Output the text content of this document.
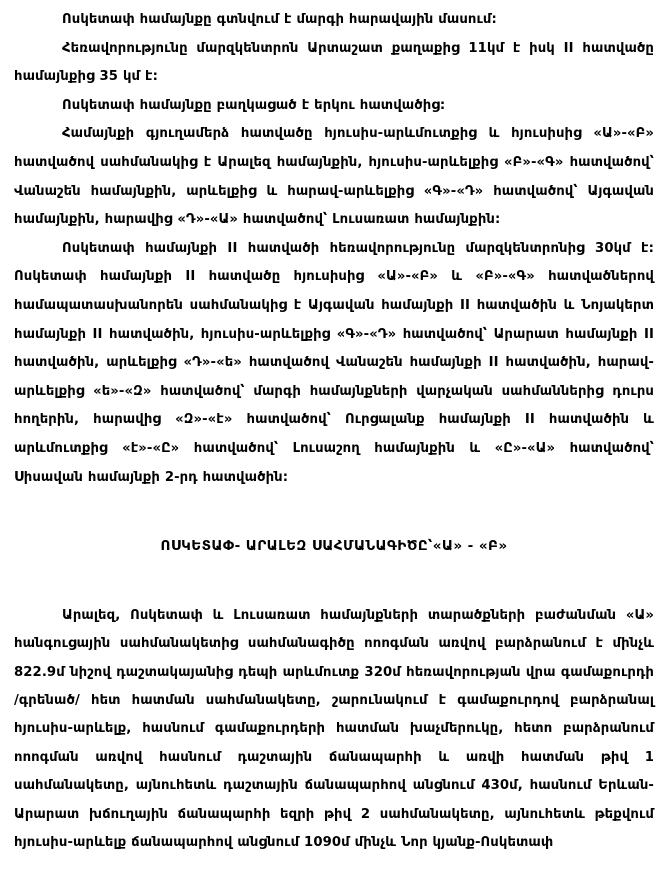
Ոսկետափ համայնքը գտնվում է մարգի հարավային մասում:

Հեռավորությունը մարզկենտրոն Արտաշատ քաղաքից 11կմ է իսկ II հատվածը համայնքից 35 կմ է:

Ոսկետափ համայնքը բաղկացած է երկու հատվածից:

Համայնքի գյուղամերձ հատվածը հյուսիս-արևմուտքից և հյուսիսից «Ա»-«Բ» հատվածով սահմանակից է Արալեզ համայնքին, հյուսիս-արևելքից «Բ»-«Գ» հատվածով՝ Վանաշեն համայնքին, արևելքից և հարավ-արևելքից «Գ»-«Դ» հատվածով՝ Այգավան համայնքին, հարավից «Դ»-«Ա» հատվածով՝ Լուսառատ համայնքին:

Ոսկետափ համայնքի II հատվածի հեռավորությունը մարզկենտրոնից 30կմ է: Ոսկետափ համայնքի II հատվածը հյուսիսից «Ա»-«Բ» և «Բ»-«Գ» հատվածներով համապատասխանորեն սահմանակից է Այգավան համայնքի II հատվածին և Նոյակերտ համայնքի II հատվածին, հյուսիս-արևելքից «Գ»-«Դ» հատվածով՝ Արարատ համայնքի II հատվածին, արևելքից «Դ»-«ե» հատվածով Վանաշեն համայնքի II հատվածին, հարավ-արևելքից «ե»-«Զ» հատվածով՝ մարգի համայնքների վարչական սահմաններից դուրս հողերին, հարավից «Զ»-«է» հատվածով՝ Ուրցալանք համայնքի II հատվածին և արևմուտքից «է»-«Ը» հատվածով՝ Լուսաշող համայնքին և «Ը»-«Ա» հատվածով՝ Սիսավան համայնքի 2-րդ հատվածին:

ՈՍԿԵՏԱՓ- ԱՐԱԼԵԶ ՍԱՀՄԱՆԱԳԻԾԸ՝«Ա» - «Բ»

Արալեզ, Ոսկետափ և Լուսառատ համայնքների տարածքների բաժանման «Ա» հանգուցային սահմանակետից սահմանագիծը ոոոգման առվով բարձրանում է մինչև 822.9մ նիշով դաշտակայանից դեպի արևմուտք 320մ հեռավորության վրա գամաքուրդի /գրենած/ հետ հատման սահմանակետը, շարունակում է գամաքուրդով բարձրանալ հյուսիս-արևելք, հասնում գամաքուրդերի հատման խաչմերուկը, հետո բարձրանում ոոոգման առվով հասնում դաշտային ճանապարհի և առվի հատման թիվ 1 սահմանակետը, այնուհետև դաշտային ճանապարհով անցնում 430մ, հասնում Երևան-Արարատ խճուղային ճանապարհի եզրի թիվ 2 սահմանակետը, այնուհետև թեքվում հյուսիս-արևելք ճանապարհով անցնում 1090մ մինչև Նոր կյանք-Ոսկետափ
